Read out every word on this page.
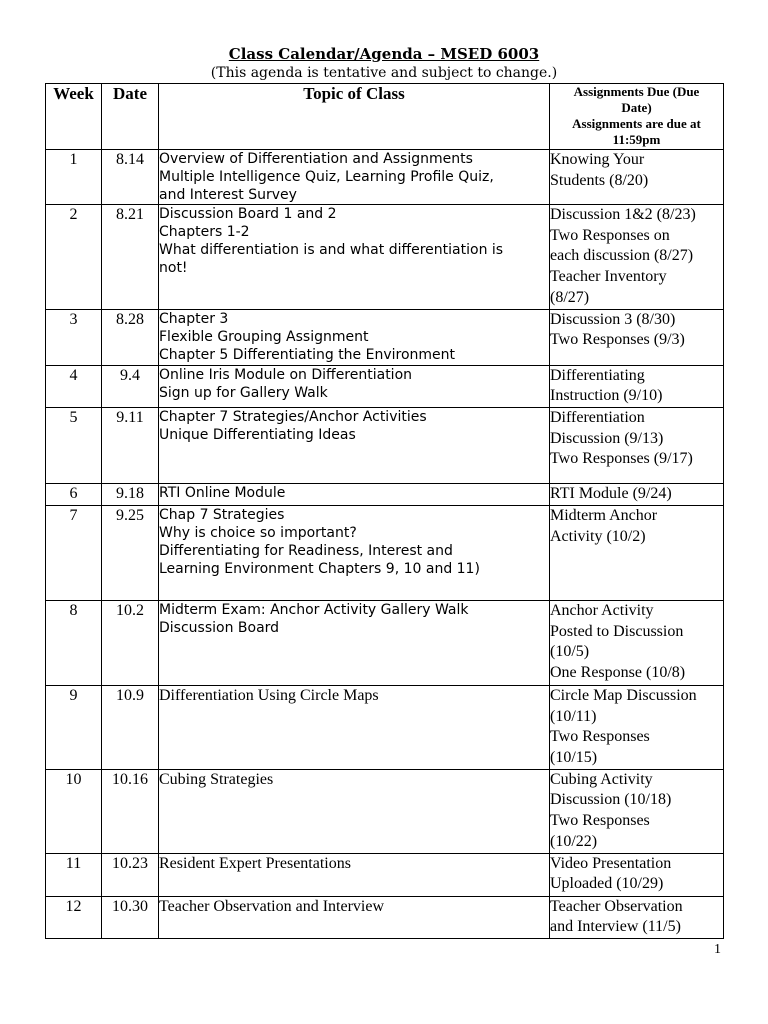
Class Calendar/Agenda – MSED 6003
(This agenda is tentative and subject to change.)
Week	Date	Topic of Class	Assignments Due (Due
Date)
Assignments are due at
11:59pm

1	8.14	Overview of Differentiation and Assignments
Multiple Intelligence Quiz, Learning Profile Quiz,
and Interest Survey	Knowing Your
Students (8/20)

2	8.21	Discussion Board 1 and 2
Chapters 1-2
What differentiation is and what differentiation is
not!	Discussion 1&2 (8/23)
Two Responses on
each discussion (8/27)
Teacher Inventory
(8/27)

3	8.28	Chapter 3
Flexible Grouping Assignment
Chapter 5 Differentiating the Environment	Discussion 3 (8/30)
Two Responses (9/3)

4	9.4	Online Iris Module on Differentiation
Sign up for Gallery Walk	Differentiating
Instruction (9/10)

5	9.11	Chapter 7 Strategies/Anchor Activities
Unique Differentiating Ideas	Differentiation
Discussion (9/13)
Two Responses (9/17)

6	9.18	RTI Online Module	RTI Module (9/24)

7	9.25	Chap 7 Strategies
Why is choice so important?
Differentiating for Readiness, Interest and
Learning Environment Chapters 9, 10 and 11)	Midterm Anchor
Activity (10/2)

8	10.2	Midterm Exam: Anchor Activity Gallery Walk
Discussion Board	Anchor Activity
Posted to Discussion
(10/5)
One Response (10/8)

9	10.9	Differentiation Using Circle Maps	Circle Map Discussion
(10/11)
Two Responses
(10/15)

10	10.16	Cubing Strategies	Cubing Activity
Discussion (10/18)
Two Responses
(10/22)

11	10.23	Resident Expert Presentations	Video Presentation
Uploaded (10/29)

12	10.30	Teacher Observation and Interview	Teacher Observation
and Interview (11/5)
1
